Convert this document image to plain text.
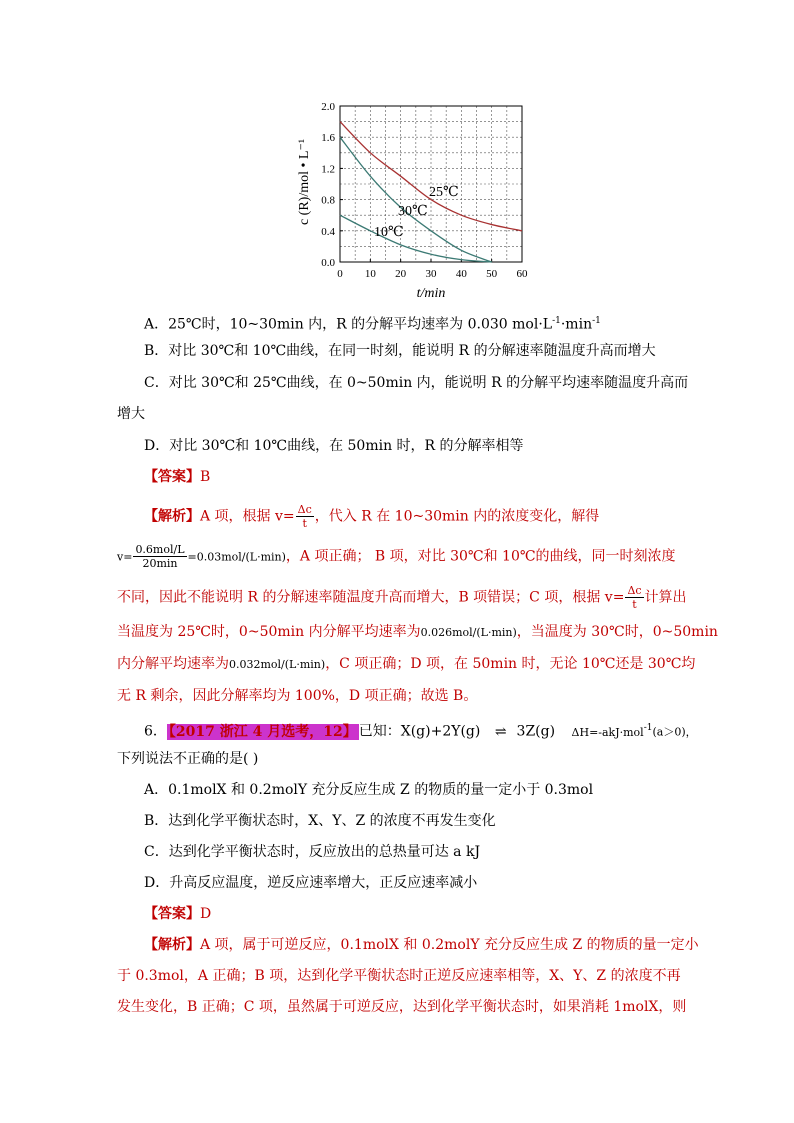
0.0
0.4
0.8
1.2
1.6
2.0
0 10 20 30 40 50 60
25℃
30℃
10℃
c (R)/mol • L⁻¹
t/min
A．25℃时，10~30min 内，R 的分解平均速率为 0.030 $mol\cdot L^{-1}\cdot\min^{-1}$
B．对比 30℃和 10℃曲线，在同一时刻，能说明 R 的分解速率随温度升高而增大
C．对比 30℃和 25℃曲线，在 0~50min 内，能说明 R 的分解平均速率随温度升高而
增大
D．对比 30℃和 10℃曲线，在 50min 时，R 的分解率相等
【答案】B
【解析】A 项，根据 $v= \frac{\Delta c}{t}$ ，代入 R 在 10~30min 内的浓度变化，解得
$v= \frac{\text{0.6mol/L}}{20\min} =0.03mol/(L\cdot\min)$，A 项正确； B 项，对比 30℃和 10℃的曲线，同一时刻浓度
不同，因此不能说明 R 的分解速率随温度升高而增大，B 项错误；C 项，根据 $v= \frac{\Delta c}{t}$ 计算出
当温度为 25℃时，0~50min 内分解平均速率为0.026mol/(L·min)，当温度为 30℃时，0~50min
内分解平均速率为0.032mol/(L·min)，C 项正确；D 项，在 50min 时，无论 10℃还是 30℃均
无 R 剩余，因此分解率均为 100%，D 项正确；故选 B。
6． 【2017 浙江 4 月选考，12】 已知：X(g)+2Y(g) ⇌ 3Z(g) ΔH=-akJ·mol$^{-1}$(a＞0)，
下列说法不正确的是( )
A．0.1molX 和 0.2molY 充分反应生成 Z 的物质的量一定小于 0.3mol
B．达到化学平衡状态时，X、Y、Z 的浓度不再发生变化
C．达到化学平衡状态时，反应放出的总热量可达 a kJ
D．升高反应温度，逆反应速率增大，正反应速率减小
【答案】D
【解析】A 项，属于可逆反应，0.1molX 和 0.2molY 充分反应生成 Z 的物质的量一定小
于 0.3mol，A 正确；B 项，达到化学平衡状态时正逆反应速率相等，X、Y、Z 的浓度不再
发生变化，B 正确；C 项，虽然属于可逆反应，达到化学平衡状态时，如果消耗 1molX，则
